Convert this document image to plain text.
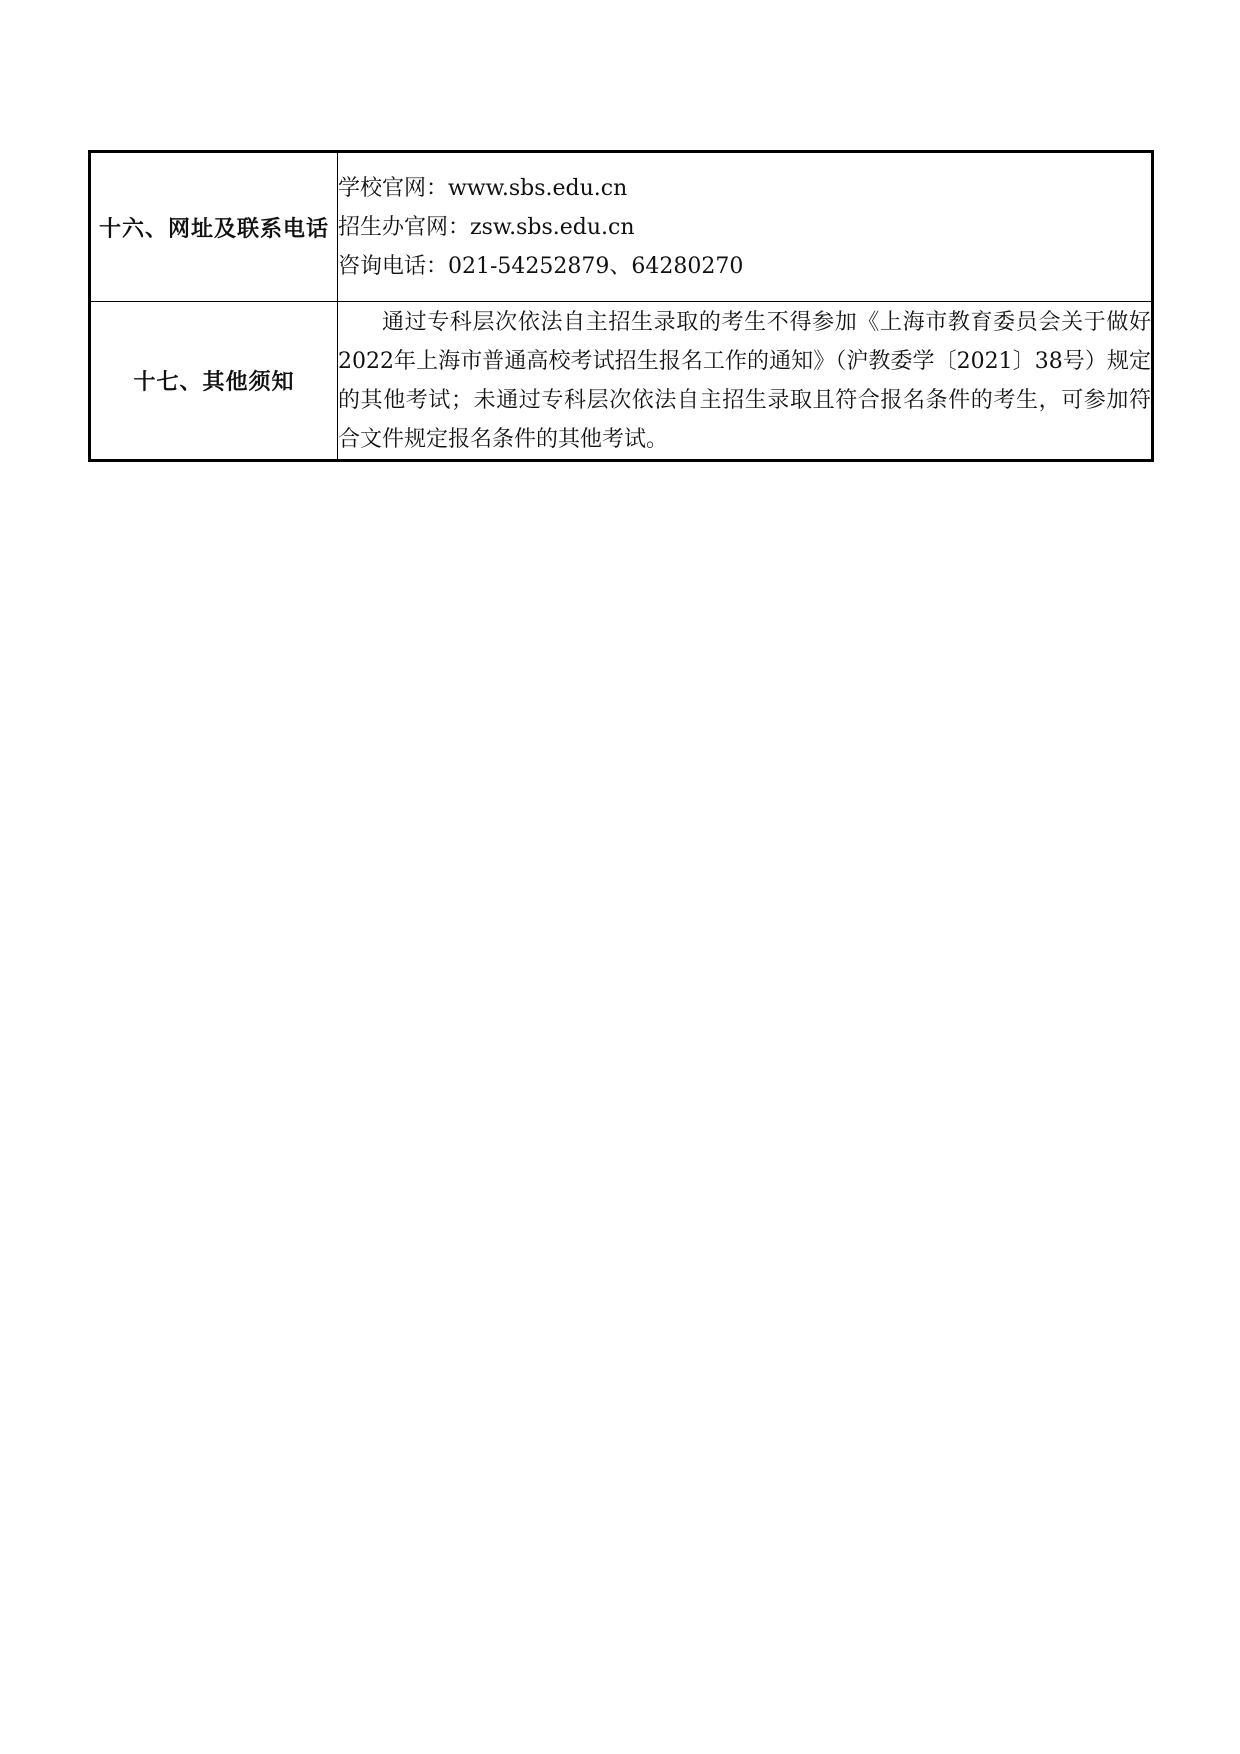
十六、网址及联系电话	学校官网：www.sbs.edu.cn
招生办官网：zsw.sbs.edu.cn
咨询电话：021-54252879、64280270

十七、其他须知	通过专科层次依法自主招生录取的考生不得参加《上海市教育委员会关于做好2022年上海市普通高校考试招生报名工作的通知》（沪教委学〔2021〕38号）规定的其他考试；未通过专科层次依法自主招生录取且符合报名条件的考生，可参加符合文件规定报名条件的其他考试。
